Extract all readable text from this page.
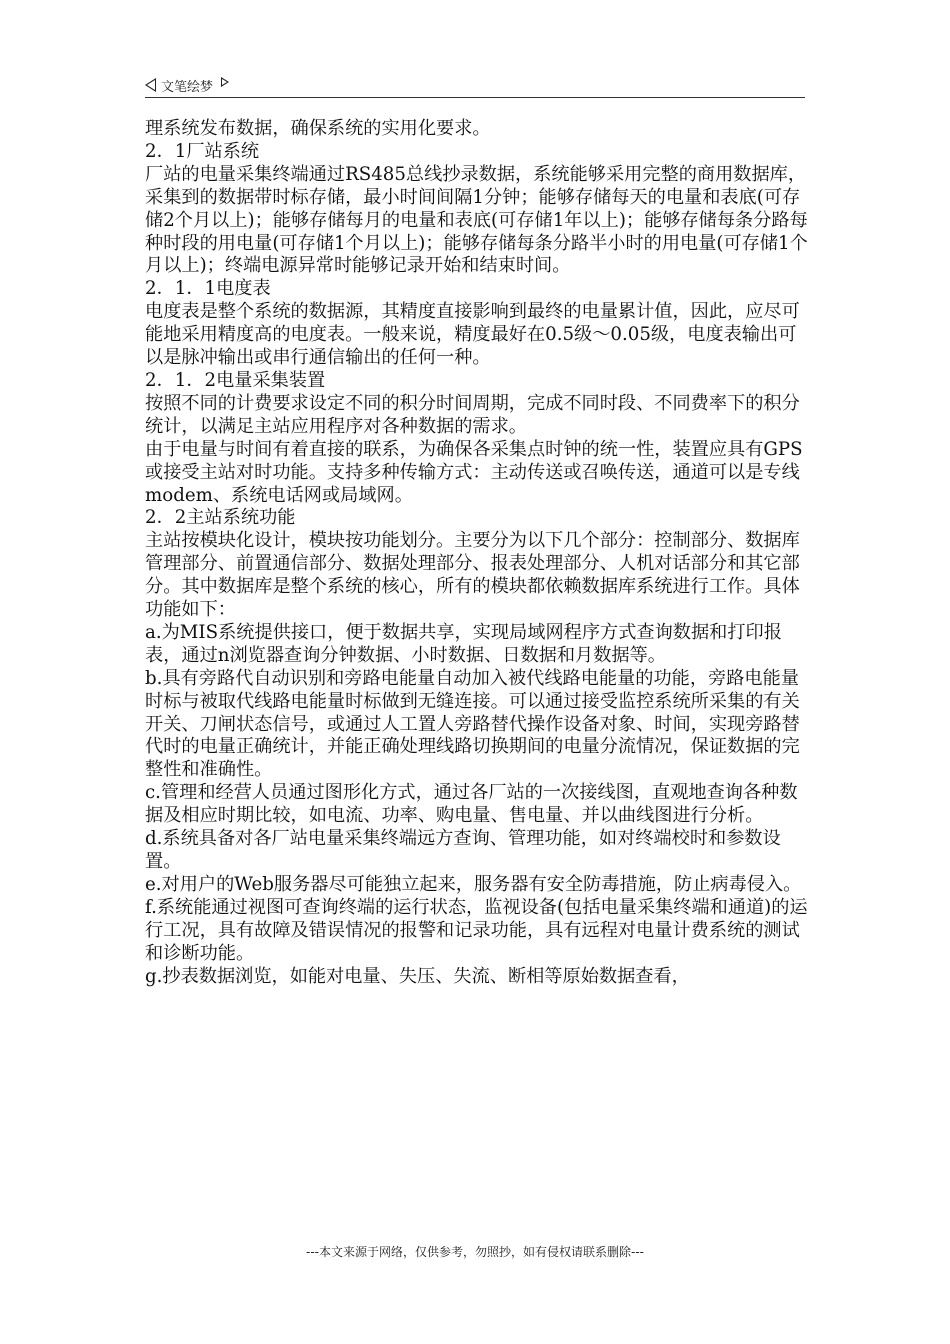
文笔绘梦

理系统发布数据，确保系统的实用化要求。

2．1厂站系统

厂站的电量采集终端通过RS485总线抄录数据，系统能够采用完整的商用数据库，采集到的数据带时标存储，最小时间间隔1分钟；能够存储每天的电量和表底(可存储2个月以上)；能够存储每月的电量和表底(可存储1年以上)；能够存储每条分路每种时段的用电量(可存储1个月以上)；能够存储每条分路半小时的用电量(可存储1个月以上)；终端电源异常时能够记录开始和结束时间。

2．1．1电度表

电度表是整个系统的数据源，其精度直接影响到最终的电量累计值，因此，应尽可能地采用精度高的电度表。一般来说，精度最好在0.5级～0.05级，电度表输出可以是脉冲输出或串行通信输出的任何一种。

2．1．2电量采集装置

按照不同的计费要求设定不同的积分时间周期，完成不同时段、不同费率下的积分统计，以满足主站应用程序对各种数据的需求。

由于电量与时间有着直接的联系，为确保各采集点时钟的统一性，装置应具有GPS或接受主站对时功能。支持多种传输方式：主动传送或召唤传送，通道可以是专线modem、系统电话网或局域网。

2．2主站系统功能

主站按模块化设计，模块按功能划分。主要分为以下几个部分：控制部分、数据库管理部分、前置通信部分、数据处理部分、报表处理部分、人机对话部分和其它部分。其中数据库是整个系统的核心，所有的模块都依赖数据库系统进行工作。具体功能如下：

a.为MIS系统提供接口，便于数据共享，实现局域网程序方式查询数据和打印报表，通过n浏览器查询分钟数据、小时数据、日数据和月数据等。

b.具有旁路代自动识别和旁路电能量自动加入被代线路电能量的功能，旁路电能量时标与被取代线路电能量时标做到无缝连接。可以通过接受监控系统所采集的有关开关、刀闸状态信号，或通过人工置人旁路替代操作设备对象、时间，实现旁路替代时的电量正确统计，并能正确处理线路切换期间的电量分流情况，保证数据的完整性和准确性。

c.管理和经营人员通过图形化方式，通过各厂站的一次接线图，直观地查询各种数据及相应时期比较，如电流、功率、购电量、售电量、并以曲线图进行分析。

d.系统具备对各厂站电量采集终端远方查询、管理功能，如对终端校时和参数设置。

e.对用户的Web服务器尽可能独立起来，服务器有安全防毒措施，防止病毒侵入。

f.系统能通过视图可查询终端的运行状态，监视设备(包括电量采集终端和通道)的运行工况，具有故障及错误情况的报警和记录功能，具有远程对电量计费系统的测试和诊断功能。

g.抄表数据浏览，如能对电量、失压、失流、断相等原始数据查看，

---本文来源于网络，仅供参考，勿照抄，如有侵权请联系删除---
